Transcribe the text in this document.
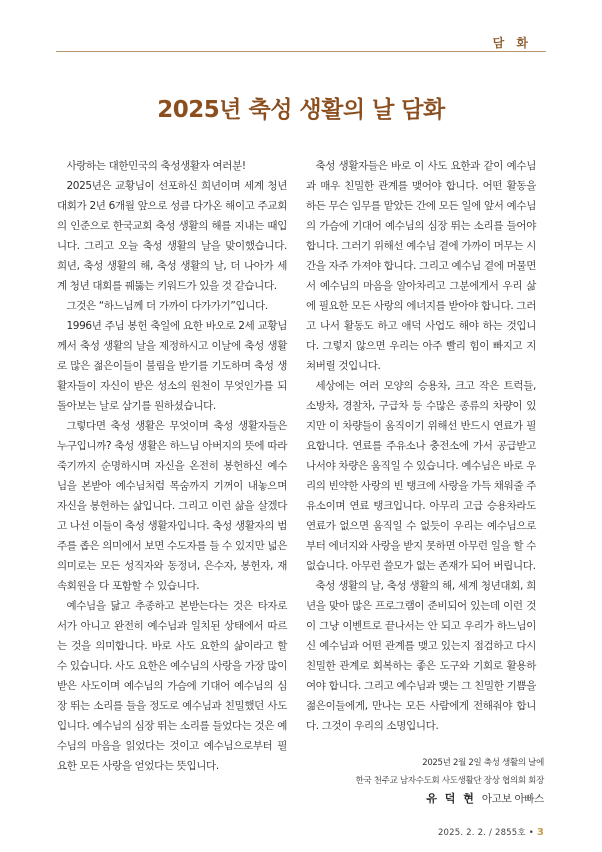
담 화
2025년 축성 생활의 날 담화

사랑하는 대한민국의 축성생활자 여러분!

2025년은 교황님이 선포하신 희년이며 세계 청년 대회가 2년 6개월 앞으로 성큼 다가온 해이고 주교회의 인준으로 한국교회 축성 생활의 해를 지내는 때입니다. 그리고 오늘 축성 생활의 날을 맞이했습니다. 희년, 축성 생활의 해, 축성 생활의 날, 더 나아가 세계 청년 대회를 꿰뚫는 키워드가 있을 것 같습니다.

그것은 “하느님께 더 가까이 다가가기”입니다.

1996년 주님 봉헌 축일에 요한 바오로 2세 교황님께서 축성 생활의 날을 제정하시고 이날에 축성 생활로 많은 젊은이들이 불림을 받기를 기도하며 축성 생활자들이 자신이 받은 성소의 원천이 무엇인가를 되돌아보는 날로 삼기를 원하셨습니다.

그렇다면 축성 생활은 무엇이며 축성 생활자들은 누구입니까? 축성 생활은 하느님 아버지의 뜻에 따라 죽기까지 순명하시며 자신을 온전히 봉헌하신 예수님을 본받아 예수님처럼 목숨까지 기꺼이 내놓으며 자신을 봉헌하는 삶입니다. 그리고 이런 삶을 살겠다고 나선 이들이 축성 생활자입니다. 축성 생활자의 범주를 좁은 의미에서 보면 수도자를 들 수 있지만 넓은 의미로는 모든 성직자와 동정녀, 은수자, 봉헌자, 재속회원을 다 포함할 수 있습니다.

예수님을 닮고 추종하고 본받는다는 것은 타자로서가 아니고 완전히 예수님과 일치된 상태에서 따르는 것을 의미합니다. 바로 사도 요한의 삶이라고 할 수 있습니다. 사도 요한은 예수님의 사랑을 가장 많이 받은 사도이며 예수님의 가슴에 기대어 예수님의 심장 뛰는 소리를 들을 정도로 예수님과 친밀했던 사도입니다. 예수님의 심장 뛰는 소리를 들었다는 것은 예수님의 마음을 읽었다는 것이고 예수님으로부터 필요한 모든 사랑을 얻었다는 뜻입니다.

축성 생활자들은 바로 이 사도 요한과 같이 예수님과 매우 친밀한 관계를 맺어야 합니다. 어떤 활동을 하든 무슨 임무를 맡았든 간에 모든 일에 앞서 예수님의 가슴에 기대어 예수님의 심장 뛰는 소리를 들어야 합니다. 그러기 위해선 예수님 곁에 가까이 머무는 시간을 자주 가져야 합니다. 그리고 예수님 곁에 머물면서 예수님의 마음을 알아차리고 그분에게서 우리 삶에 필요한 모든 사랑의 에너지를 받아야 합니다. 그러고 나서 활동도 하고 애덕 사업도 해야 하는 것입니다. 그렇지 않으면 우리는 아주 빨리 힘이 빠지고 지쳐버릴 것입니다.

세상에는 여러 모양의 승용차, 크고 작은 트럭들, 소방차, 경찰차, 구급차 등 수많은 종류의 차량이 있지만 이 차량들이 움직이기 위해선 반드시 연료가 필요합니다. 연료를 주유소나 충전소에 가서 공급받고 나서야 차량은 움직일 수 있습니다. 예수님은 바로 우리의 빈약한 사랑의 빈 탱크에 사랑을 가득 채워줄 주유소이며 연료 탱크입니다. 아무리 고급 승용차라도 연료가 없으면 움직일 수 없듯이 우리는 예수님으로부터 에너지와 사랑을 받지 못하면 아무런 일을 할 수 없습니다. 아무런 쓸모가 없는 존재가 되어 버립니다.

축성 생활의 날, 축성 생활의 해, 세계 청년대회, 희년을 맞아 많은 프로그램이 준비되어 있는데 이런 것이 그냥 이벤트로 끝나서는 안 되고 우리가 하느님이신 예수님과 어떤 관계를 맺고 있는지 점검하고 다시 친밀한 관계로 회복하는 좋은 도구와 기회로 활용하여야 합니다. 그리고 예수님과 맺는 그 친밀한 기쁨을 젊은이들에게, 만나는 모든 사람에게 전해줘야 합니다. 그것이 우리의 소명입니다.

2025년 2월 2일 축성 생활의 날에
한국 천주교 남자수도회 사도생활단 장상 협의회 회장
유 덕 현 아고보 아빠스
2025. 2. 2. / 2855호 • 3
